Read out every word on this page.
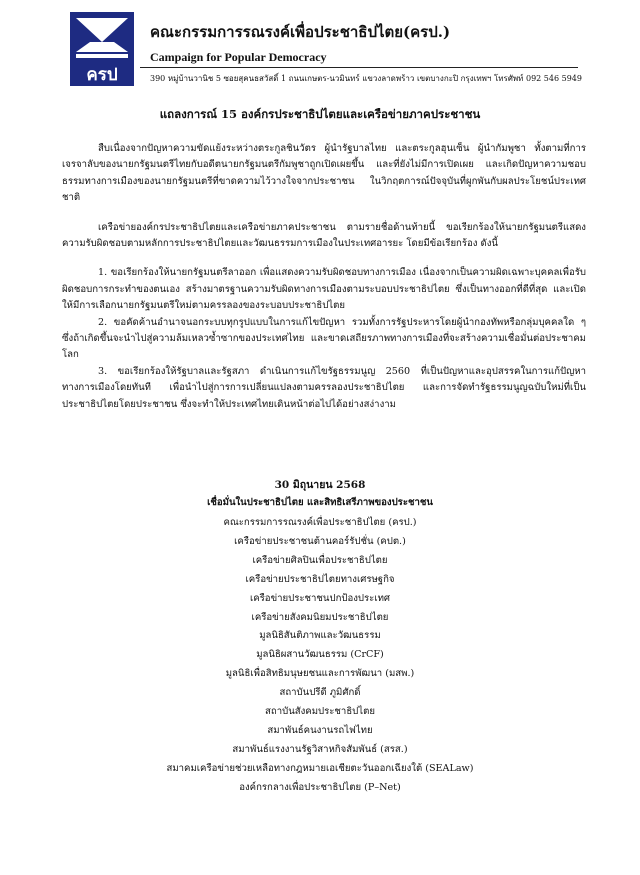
ครป
คณะกรรมการรณรงค์เพื่อประชาธิปไตย(ครป.)
Campaign for Popular Democracy
390 หมู่บ้านวานิช 5 ซอยสุคนธสวัสดิ์ 1 ถนนเกษตร-นวมินทร์ แขวงลาดพร้าว เขตบางกะปิ กรุงเทพฯ โทรศัพท์ 092 546 5949
แถลงการณ์ 15 องค์กรประชาธิปไตยและเครือข่ายภาคประชาชน

สืบเนื่องจากปัญหาความขัดแย้งระหว่างตระกูลชินวัตร ผู้นำรัฐบาลไทย และตระกูลฮุนเซ็น ผู้นำกัมพูชา ทั้งตามที่การเจรจาลับของนายกรัฐมนตรีไทยกับอดีตนายกรัฐมนตรีกัมพูชาถูกเปิดเผยขึ้น และที่ยังไม่มีการเปิดเผย และเกิดปัญหาความชอบธรรมทางการเมืองของนายกรัฐมนตรีที่ขาดความไว้วางใจจากประชาชน ในวิกฤตการณ์ปัจจุบันที่ผูกพันกับผลประโยชน์ประเทศชาติ

เครือข่ายองค์กรประชาธิปไตยและเครือข่ายภาคประชาชน ตามรายชื่อด้านท้ายนี้ ขอเรียกร้องให้นายกรัฐมนตรีแสดงความรับผิดชอบตามหลักการประชาธิปไตยและวัฒนธรรมการเมืองในประเทศอารยะ โดยมีข้อเรียกร้อง ดังนี้

1. ขอเรียกร้องให้นายกรัฐมนตรีลาออก เพื่อแสดงความรับผิดชอบทางการเมือง เนื่องจากเป็นความผิดเฉพาะบุคคลเพื่อรับผิดชอบการกระทำของตนเอง สร้างมาตรฐานความรับผิดทางการเมืองตามระบอบประชาธิปไตย ซึ่งเป็นทางออกที่ดีที่สุด และเปิดให้มีการเลือกนายกรัฐมนตรีใหม่ตามครรลองของระบอบประชาธิปไตย

2. ขอคัดค้านอำนาจนอกระบบทุกรูปแบบในการแก้ไขปัญหา รวมทั้งการรัฐประหารโดยผู้นำกองทัพหรือกลุ่มบุคคลใด ๆ ซึ่งถ้าเกิดขึ้นจะนำไปสู่ความล้มเหลวซ้ำซากของประเทศไทย และขาดเสถียรภาพทางการเมืองที่จะสร้างความเชื่อมั่นต่อประชาคมโลก

3. ขอเรียกร้องให้รัฐบาลและรัฐสภา ดำเนินการแก้ไขรัฐธรรมนูญ 2560 ที่เป็นปัญหาและอุปสรรคในการแก้ปัญหาทางการเมืองโดยทันที เพื่อนำไปสู่การการเปลี่ยนแปลงตามครรลองประชาธิปไตย และการจัดทำรัฐธรรมนูญฉบับใหม่ที่เป็นประชาธิปไตยโดยประชาชน ซึ่งจะทำให้ประเทศไทยเดินหน้าต่อไปได้อย่างสง่างาม

30 มิถุนายน 2568
เชื่อมั่นในประชาธิปไตย และสิทธิเสรีภาพของประชาชน
คณะกรรมการรณรงค์เพื่อประชาธิปไตย (ครป.)
เครือข่ายประชาชนต้านคอร์รัปชั่น (คปต.)
เครือข่ายศิลปินเพื่อประชาธิปไตย
เครือข่ายประชาธิปไตยทางเศรษฐกิจ
เครือข่ายประชาชนปกป้องประเทศ
เครือข่ายสังคมนิยมประชาธิปไตย
มูลนิธิสันติภาพและวัฒนธรรม
มูลนิธิผสานวัฒนธรรม (CrCF)
มูลนิธิเพื่อสิทธิมนุษยชนและการพัฒนา (มสพ.)
สถาบันปรีดี ภูมิศักดิ์
สถาบันสังคมประชาธิปไตย
สมาพันธ์คนงานรถไฟไทย
สมาพันธ์แรงงานรัฐวิสาหกิจสัมพันธ์ (สรส.)
สมาคมเครือข่ายช่วยเหลือทางกฎหมายเอเชียตะวันออกเฉียงใต้ (SEALaw)
องค์กรกลางเพื่อประชาธิปไตย (P–Net)
